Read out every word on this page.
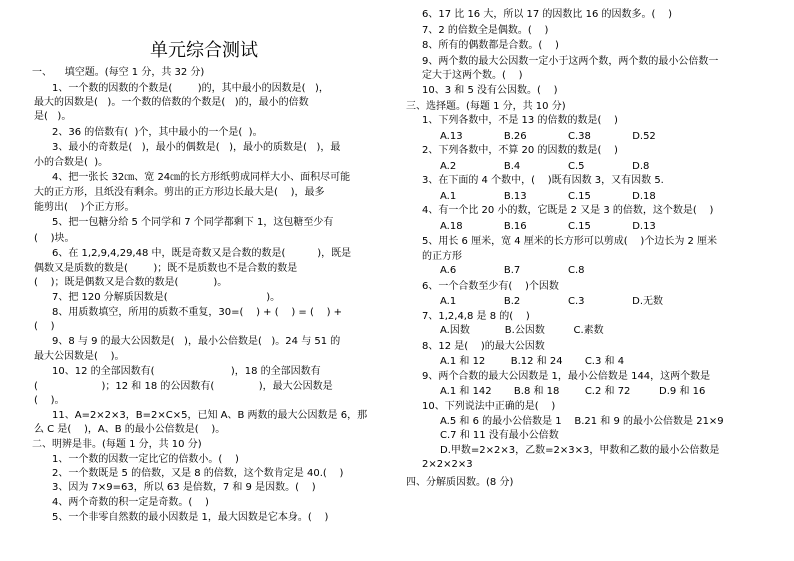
单元综合测试
一、    填空题。(每空 1 分，共 32 分)
1、一个数的因数的个数是(        )的，其中最小的因数是(   )，
最大的因数是(   )。一个数的倍数的个数是(   )的，最小的倍数
是(   )。
2、36 的倍数有(  )个，其中最小的一个是(  )。
3、最小的奇数是(   )，最小的偶数是(   )，最小的质数是(   )，最
小的合数是(  )。
4、把一张长 32㎝、宽 24㎝的长方形纸剪成同样大小、面积尽可能
大的正方形，且纸没有剩余。剪出的正方形边长最大是(    )，最多
能剪出(    )个正方形。
5、把一包糖分给 5 个同学和 7 个同学都剩下 1，这包糖至少有
(    )块。
6、在 1,2,9,4,29,48 中，既是奇数又是合数的数是(          )，既是
偶数又是质数的数是(        )；既不是质数也不是合数的数是
(    )；既是偶数又是合数的数是(           )。
7、把 120 分解质因数是(                               )。
8、用质数填空，所用的质数不重复，30=(    ) + (    ) = (    ) +
(    )
9、8 与 9 的最大公因数是(   )，最小公倍数是(   )。24 与 51 的
最大公因数是(    )。
10、12 的全部因数有(                        )，18 的全部因数有
(                    )；12 和 18 的公因数有(              )，最大公因数是
(    )。
11、A=2×2×3，B=2×C×5，已知 A、B 两数的最大公因数是 6，那
么 C 是(    )，A、B 的最小公倍数是(    )。
二、明辨是非。(每题 1 分，共 10 分)
1、一个数的因数一定比它的倍数小。(    )
2、一个数既是 5 的倍数，又是 8 的倍数，这个数肯定是 40.(    )
3、因为 7×9=63，所以 63 是倍数，7 和 9 是因数。(    )
4、两个奇数的积一定是奇数。(    )
5、一个非零自然数的最小因数是 1，最大因数是它本身。(    )
6、17 比 16 大，所以 17 的因数比 16 的因数多。(    )
7、2 的倍数全是偶数。(    )
8、所有的偶数都是合数。(    )
9、两个数的最大公因数一定小于这两个数，两个数的最小公倍数一
定大于这两个数。(    )
10、3 和 5 没有公因数。(    )
三、选择题。(每题 1 分，共 10 分)
1、下列各数中，不是 13 的倍数的数是(    )
A.13             B.26             C.38             D.52
2、下列各数中，不算 20 的因数的数是(    )
A.2               B.4               C.5               D.8
3、在下面的 4 个数中，(    )既有因数 3，又有因数 5.
A.1               B.13             C.15             D.18
4、有一个比 20 小的数，它既是 2 又是 3 的倍数，这个数是(    )
A.18             B.16             C.15             D.13
5、用长 6 厘米，宽 4 厘米的长方形可以剪成(    )个边长为 2 厘米
的正方形
A.6               B.7               C.8
6、一个合数至少有(    )个因数
A.1               B.2               C.3               D.无数
7、1,2,4,8 是 8 的(    )
A.因数           B.公因数         C.素数
8、12 是(    )的最大公因数
A.1 和 12        B.12 和 24       C.3 和 4
9、两个合数的最大公因数是 1，最小公倍数是 144，这两个数是
A.1 和 142       B.8 和 18        C.2 和 72         D.9 和 16
10、下列说法中正确的是(    )
A.5 和 6 的最小公倍数是 1    B.21 和 9 的最小公倍数是 21×9
C.7 和 11 没有最小公倍数
D.甲数=2×2×3，乙数=2×3×3，甲数和乙数的最小公倍数是
2×2×2×3
四、分解质因数。(8 分)
